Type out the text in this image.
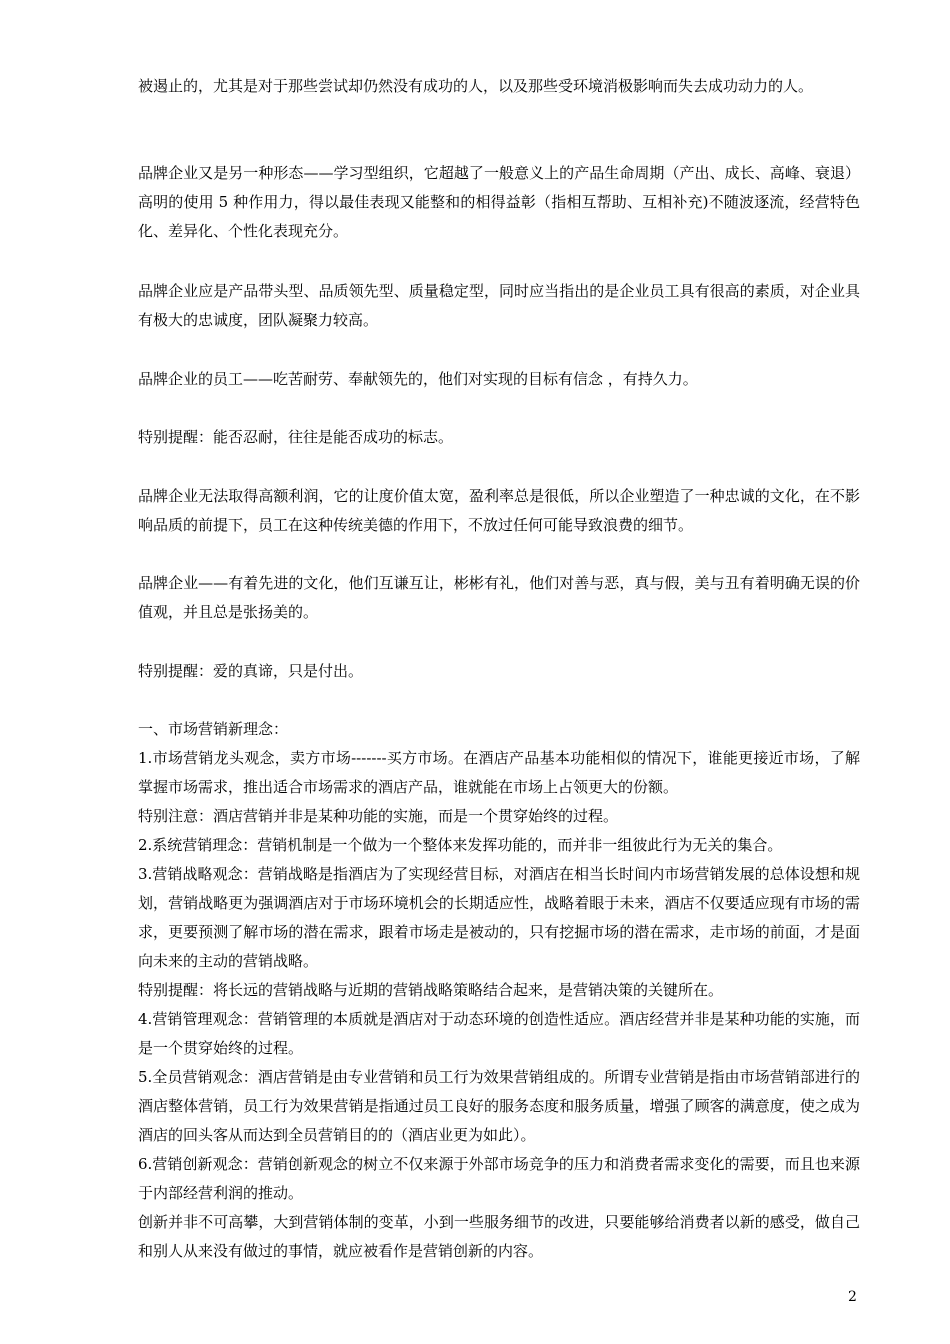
被遏止的，尤其是对于那些尝试却仍然没有成功的人，以及那些受环境消极影响而失去成功动力的人。

品牌企业又是另一种形态——学习型组织，它超越了一般意义上的产品生命周期（产出、成长、高峰、衰退）高明的使用 5 种作用力，得以最佳表现又能整和的相得益彰（指相互帮助、互相补充)不随波逐流，经营特色化、差异化、个性化表现充分。

品牌企业应是产品带头型、品质领先型、质量稳定型，同时应当指出的是企业员工具有很高的素质，对企业具有极大的忠诚度，团队凝聚力较高。

品牌企业的员工——吃苦耐劳、奉献领先的，他们对实现的目标有信念 ，有持久力。

特别提醒：能否忍耐，往往是能否成功的标志。

品牌企业无法取得高额利润，它的让度价值太宽，盈利率总是很低，所以企业塑造了一种忠诚的文化，在不影响品质的前提下，员工在这种传统美德的作用下，不放过任何可能导致浪费的细节。

品牌企业——有着先进的文化，他们互谦互让，彬彬有礼，他们对善与恶，真与假，美与丑有着明确无误的价值观，并且总是张扬美的。

特别提醒：爱的真谛，只是付出。

一、市场营销新理念：

1.市场营销龙头观念，卖方市场-------买方市场。在酒店产品基本功能相似的情况下，谁能更接近市场，了解掌握市场需求，推出适合市场需求的酒店产品，谁就能在市场上占领更大的份额。

特别注意：酒店营销并非是某种功能的实施，而是一个贯穿始终的过程。

2.系统营销理念：营销机制是一个做为一个整体来发挥功能的，而并非一组彼此行为无关的集合。

3.营销战略观念：营销战略是指酒店为了实现经营目标，对酒店在相当长时间内市场营销发展的总体设想和规划，营销战略更为强调酒店对于市场环境机会的长期适应性，战略着眼于未来，酒店不仅要适应现有市场的需求，更要预测了解市场的潜在需求，跟着市场走是被动的，只有挖掘市场的潜在需求，走市场的前面，才是面向未来的主动的营销战略。

特别提醒：将长远的营销战略与近期的营销战略策略结合起来，是营销决策的关键所在。

4.营销管理观念：营销管理的本质就是酒店对于动态环境的创造性适应。酒店经营并非是某种功能的实施，而是一个贯穿始终的过程。

5.全员营销观念：酒店营销是由专业营销和员工行为效果营销组成的。所谓专业营销是指由市场营销部进行的酒店整体营销，员工行为效果营销是指通过员工良好的服务态度和服务质量，增强了顾客的满意度，使之成为酒店的回头客从而达到全员营销目的的（酒店业更为如此）。

6.营销创新观念：营销创新观念的树立不仅来源于外部市场竞争的压力和消费者需求变化的需要，而且也来源于内部经营利润的推动。

创新并非不可高攀，大到营销体制的变革，小到一些服务细节的改进，只要能够给消费者以新的感受，做自己和别人从来没有做过的事情，就应被看作是营销创新的内容。

2
